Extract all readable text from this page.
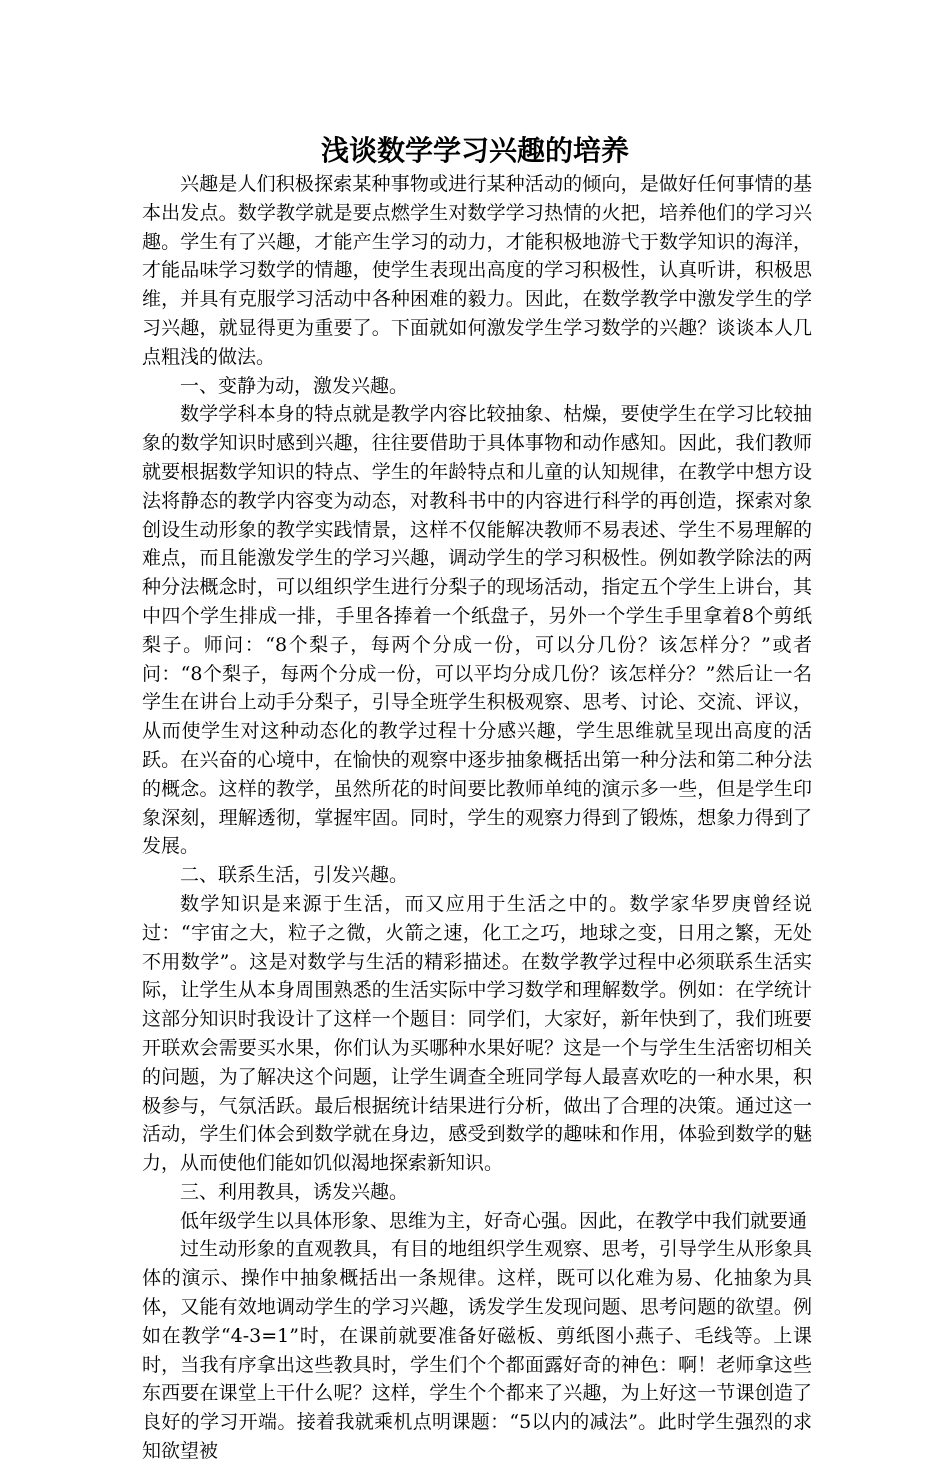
浅谈数学学习兴趣的培养

兴趣是人们积极探索某种事物或进行某种活动的倾向，是做好任何事情的基本出发点。数学教学就是要点燃学生对数学学习热情的火把，培养他们的学习兴趣。学生有了兴趣，才能产生学习的动力，才能积极地游弋于数学知识的海洋，才能品味学习数学的情趣，使学生表现出高度的学习积极性，认真听讲，积极思维，并具有克服学习活动中各种困难的毅力。因此，在数学教学中激发学生的学习兴趣，就显得更为重要了。下面就如何激发学生学习数学的兴趣？谈谈本人几点粗浅的做法。

一、变静为动，激发兴趣。

数学学科本身的特点就是教学内容比较抽象、枯燥，要使学生在学习比较抽象的数学知识时感到兴趣，往往要借助于具体事物和动作感知。因此，我们教师就要根据数学知识的特点、学生的年龄特点和儿童的认知规律，在教学中想方设法将静态的教学内容变为动态，对教科书中的内容进行科学的再创造，探索对象创设生动形象的教学实践情景，这样不仅能解决教师不易表述、学生不易理解的难点，而且能激发学生的学习兴趣，调动学生的学习积极性。例如教学除法的两种分法概念时，可以组织学生进行分梨子的现场活动，指定五个学生上讲台，其中四个学生排成一排，手里各捧着一个纸盘子，另外一个学生手里拿着8个剪纸梨子。师问：“8个梨子，每两个分成一份，可以分几份？该怎样分？”或者问：“8个梨子，每两个分成一份，可以平均分成几份？该怎样分？”然后让一名学生在讲台上动手分梨子，引导全班学生积极观察、思考、讨论、交流、评议，从而使学生对这种动态化的教学过程十分感兴趣，学生思维就呈现出高度的活跃。在兴奋的心境中，在愉快的观察中逐步抽象概括出第一种分法和第二种分法的概念。这样的教学，虽然所花的时间要比教师单纯的演示多一些，但是学生印象深刻，理解透彻，掌握牢固。同时，学生的观察力得到了锻炼，想象力得到了发展。

二、联系生活，引发兴趣。

数学知识是来源于生活，而又应用于生活之中的。数学家华罗庚曾经说过：“宇宙之大，粒子之微，火箭之速，化工之巧，地球之变，日用之繁，无处不用数学”。这是对数学与生活的精彩描述。在数学教学过程中必须联系生活实际，让学生从本身周围熟悉的生活实际中学习数学和理解数学。例如：在学统计这部分知识时我设计了这样一个题目：同学们，大家好，新年快到了，我们班要开联欢会需要买水果，你们认为买哪种水果好呢？这是一个与学生生活密切相关的问题，为了解决这个问题，让学生调查全班同学每人最喜欢吃的一种水果，积极参与，气氛活跃。最后根据统计结果进行分析，做出了合理的决策。通过这一活动，学生们体会到数学就在身边，感受到数学的趣味和作用，体验到数学的魅力，从而使他们能如饥似渴地探索新知识。

三、利用教具，诱发兴趣。

低年级学生以具体形象、思维为主，好奇心强。因此，在教学中我们就要通

过生动形象的直观教具，有目的地组织学生观察、思考，引导学生从形象具体的演示、操作中抽象概括出一条规律。这样，既可以化难为易、化抽象为具体，又能有效地调动学生的学习兴趣，诱发学生发现问题、思考问题的欲望。例如在教学“4-3=1”时，在课前就要准备好磁板、剪纸图小燕子、毛线等。上课时，当我有序拿出这些教具时，学生们个个都面露好奇的神色：啊！老师拿这些东西要在课堂上干什么呢？这样，学生个个都来了兴趣，为上好这一节课创造了良好的学习开端。接着我就乘机点明课题：“5以内的减法”。此时学生强烈的求知欲望被
